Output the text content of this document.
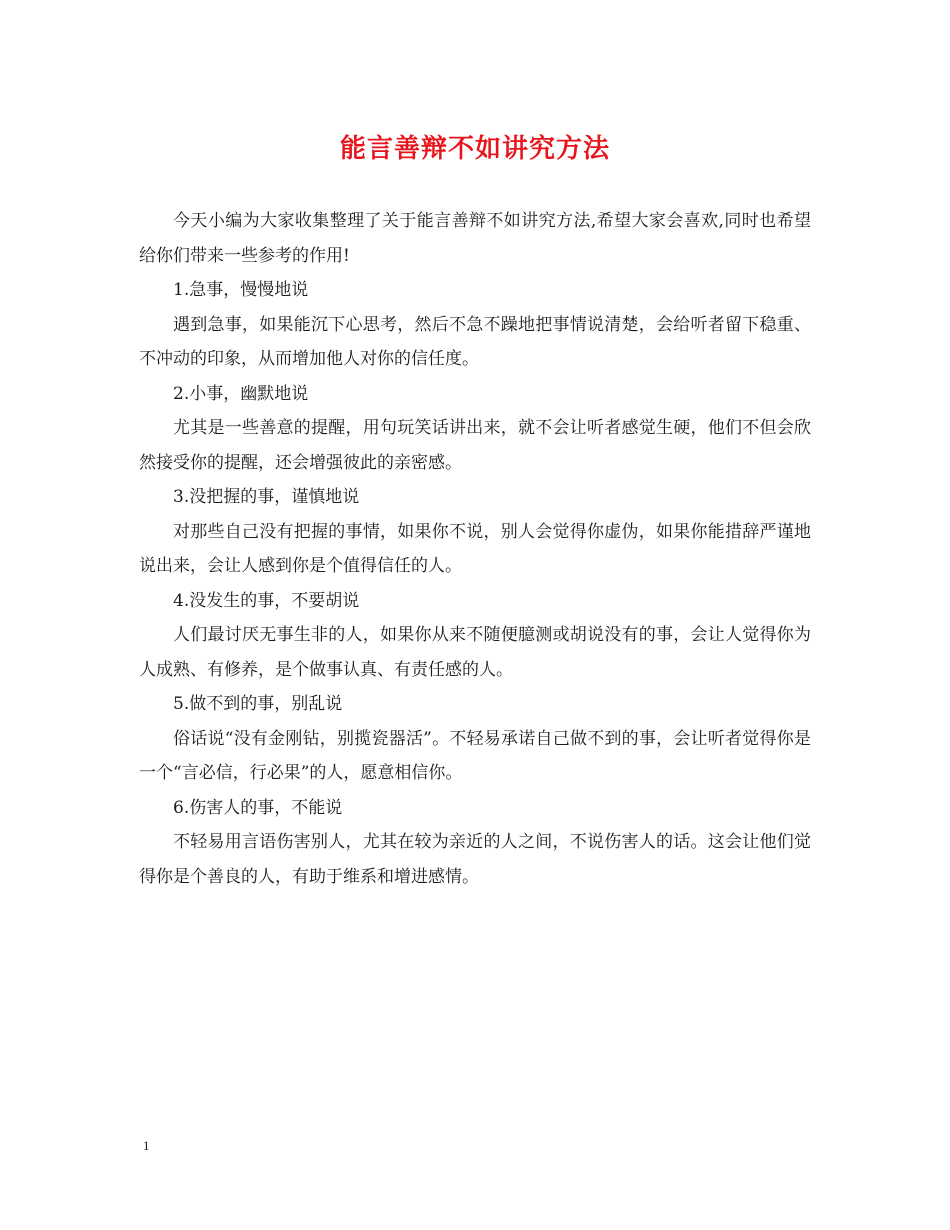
能言善辩不如讲究方法

今天小编为大家收集整理了关于能言善辩不如讲究方法,希望大家会喜欢,同时也希望给你们带来一些参考的作用!

1.急事，慢慢地说

遇到急事，如果能沉下心思考，然后不急不躁地把事情说清楚，会给听者留下稳重、不冲动的印象，从而增加他人对你的信任度。

2.小事，幽默地说

尤其是一些善意的提醒，用句玩笑话讲出来，就不会让听者感觉生硬，他们不但会欣然接受你的提醒，还会增强彼此的亲密感。

3.没把握的事，谨慎地说

对那些自己没有把握的事情，如果你不说，别人会觉得你虚伪，如果你能措辞严谨地说出来，会让人感到你是个值得信任的人。

4.没发生的事，不要胡说

人们最讨厌无事生非的人，如果你从来不随便臆测或胡说没有的事，会让人觉得你为人成熟、有修养，是个做事认真、有责任感的人。

5.做不到的事，别乱说

俗话说“没有金刚钻，别揽瓷器活”。不轻易承诺自己做不到的事，会让听者觉得你是一个“言必信，行必果”的人，愿意相信你。

6.伤害人的事，不能说

不轻易用言语伤害别人，尤其在较为亲近的人之间，不说伤害人的话。这会让他们觉得你是个善良的人，有助于维系和增进感情。

1
